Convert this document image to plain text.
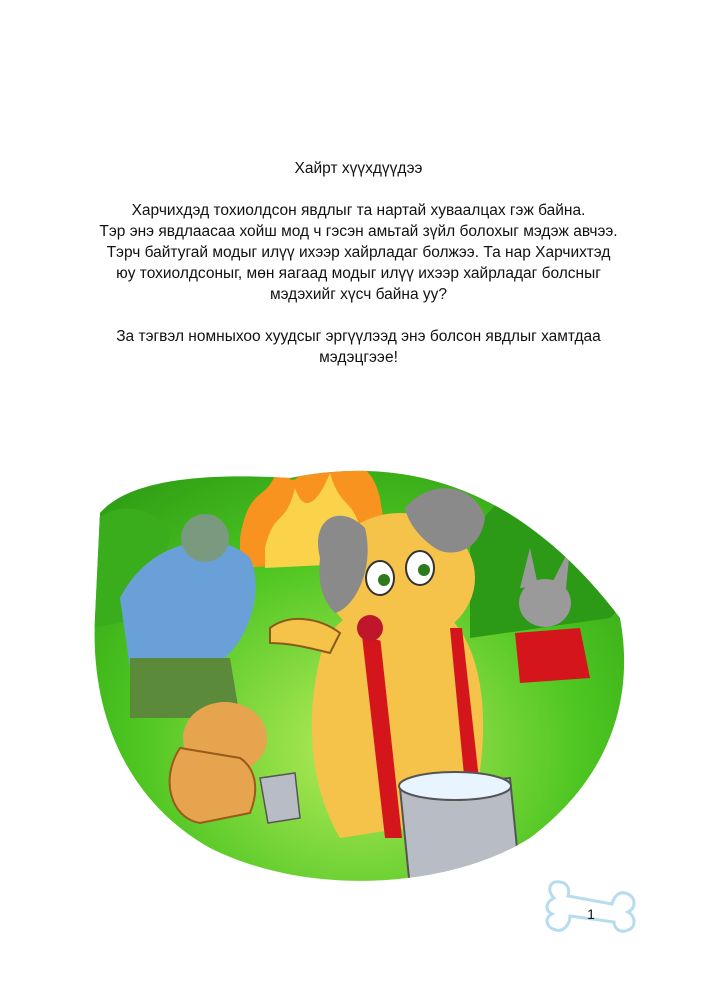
Хайрт хүүхдүүдээ

Харчихдэд тохиолдсон явдлыг та нартай хуваалцах гэж байна.
Тэр энэ явдлаасаа хойш мод ч гэсэн амьтай зүйл болохыг мэдэж авчээ.
Тэрч байтугай модыг илүү ихээр хайрладаг болжээ. Та нар Харчихтэд
юу тохиолдсоныг, мөн яагаад модыг илүү ихээр хайрладаг болсныг
мэдэхийг хүсч байна уу?

За тэгвэл номныхоо хуудсыг эргүүлээд энэ болсон явдлыг хамтдаа
мэдэцгээе!

1
